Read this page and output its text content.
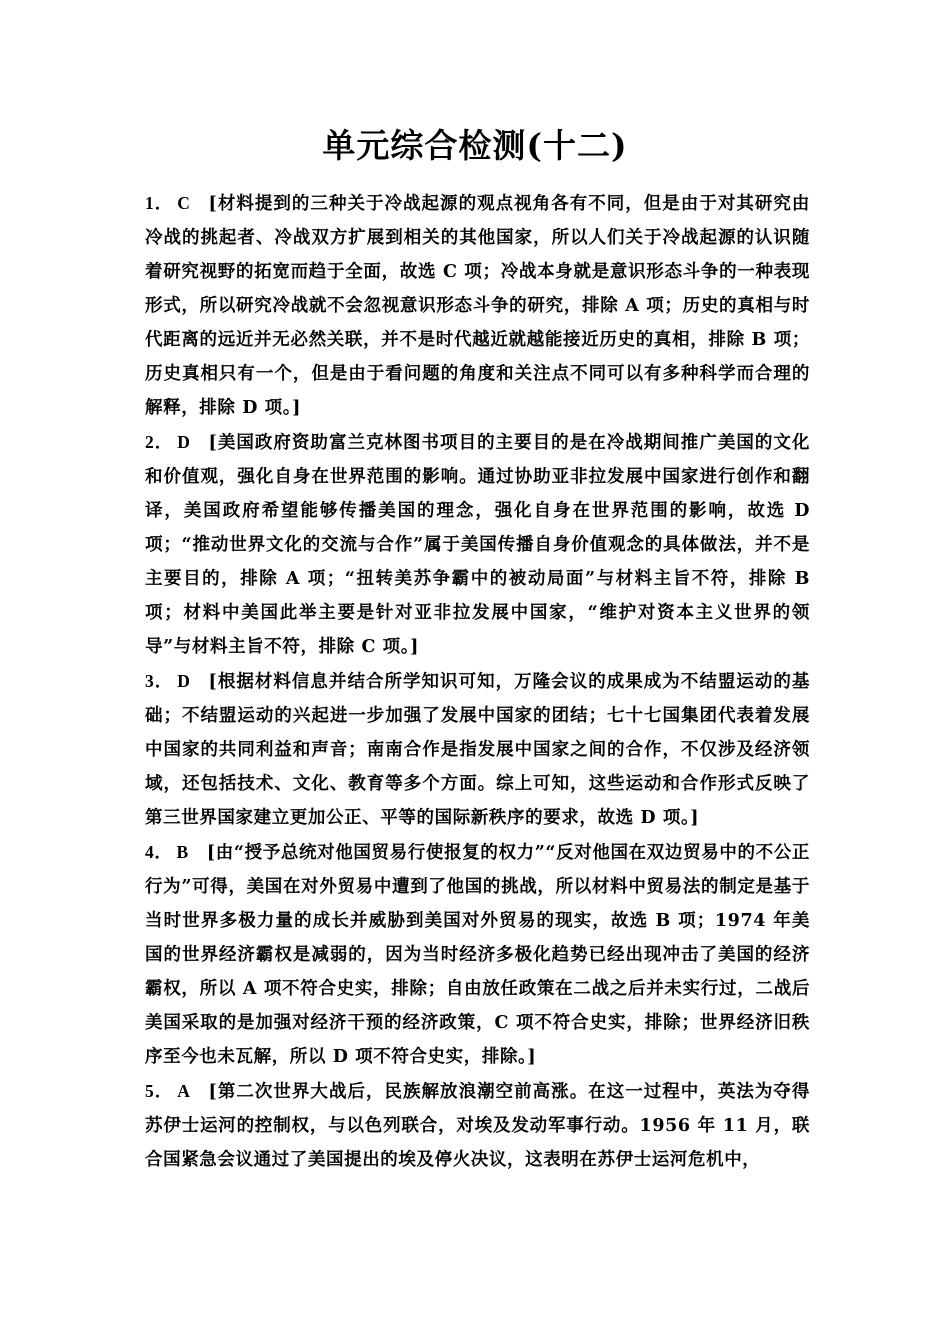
单元综合检测(十二)
1． C [材料提到的三种关于冷战起源的观点视角各有不同，但是由于对其研究由冷战的挑起者、冷战双方扩展到相关的其他国家，所以人们关于冷战起源的认识随着研究视野的拓宽而趋于全面，故选 C 项；冷战本身就是意识形态斗争的一种表现形式，所以研究冷战就不会忽视意识形态斗争的研究，排除 A 项；历史的真相与时代距离的远近并无必然关联，并不是时代越近就越能接近历史的真相，排除 B 项；历史真相只有一个，但是由于看问题的角度和关注点不同可以有多种科学而合理的解释，排除 D 项。]
2． D [美国政府资助富兰克林图书项目的主要目的是在冷战期间推广美国的文化和价值观，强化自身在世界范围的影响。通过协助亚非拉发展中国家进行创作和翻译，美国政府希望能够传播美国的理念，强化自身在世界范围的影响，故选 D 项；“推动世界文化的交流与合作”属于美国传播自身价值观念的具体做法，并不是主要目的，排除 A 项；“扭转美苏争霸中的被动局面”与材料主旨不符，排除 B 项；材料中美国此举主要是针对亚非拉发展中国家，“维护对资本主义世界的领导”与材料主旨不符，排除 C 项。]
3． D [根据材料信息并结合所学知识可知，万隆会议的成果成为不结盟运动的基础；不结盟运动的兴起进一步加强了发展中国家的团结；七十七国集团代表着发展中国家的共同利益和声音；南南合作是指发展中国家之间的合作，不仅涉及经济领域，还包括技术、文化、教育等多个方面。综上可知，这些运动和合作形式反映了第三世界国家建立更加公正、平等的国际新秩序的要求，故选 D 项。]
4． B [由“授予总统对他国贸易行使报复的权力”“反对他国在双边贸易中的不公正行为”可得，美国在对外贸易中遭到了他国的挑战，所以材料中贸易法的制定是基于当时世界多极力量的成长并威胁到美国对外贸易的现实，故选 B 项；1974 年美国的世界经济霸权是减弱的，因为当时经济多极化趋势已经出现冲击了美国的经济霸权，所以 A 项不符合史实，排除；自由放任政策在二战之后并未实行过，二战后美国采取的是加强对经济干预的经济政策，C 项不符合史实，排除；世界经济旧秩序至今也未瓦解，所以 D 项不符合史实，排除。]
5． A [第二次世界大战后，民族解放浪潮空前高涨。在这一过程中，英法为夺得苏伊士运河的控制权，与以色列联合，对埃及发动军事行动。1956 年 11 月，联合国紧急会议通过了美国提出的埃及停火决议，这表明在苏伊士运河危机中，
